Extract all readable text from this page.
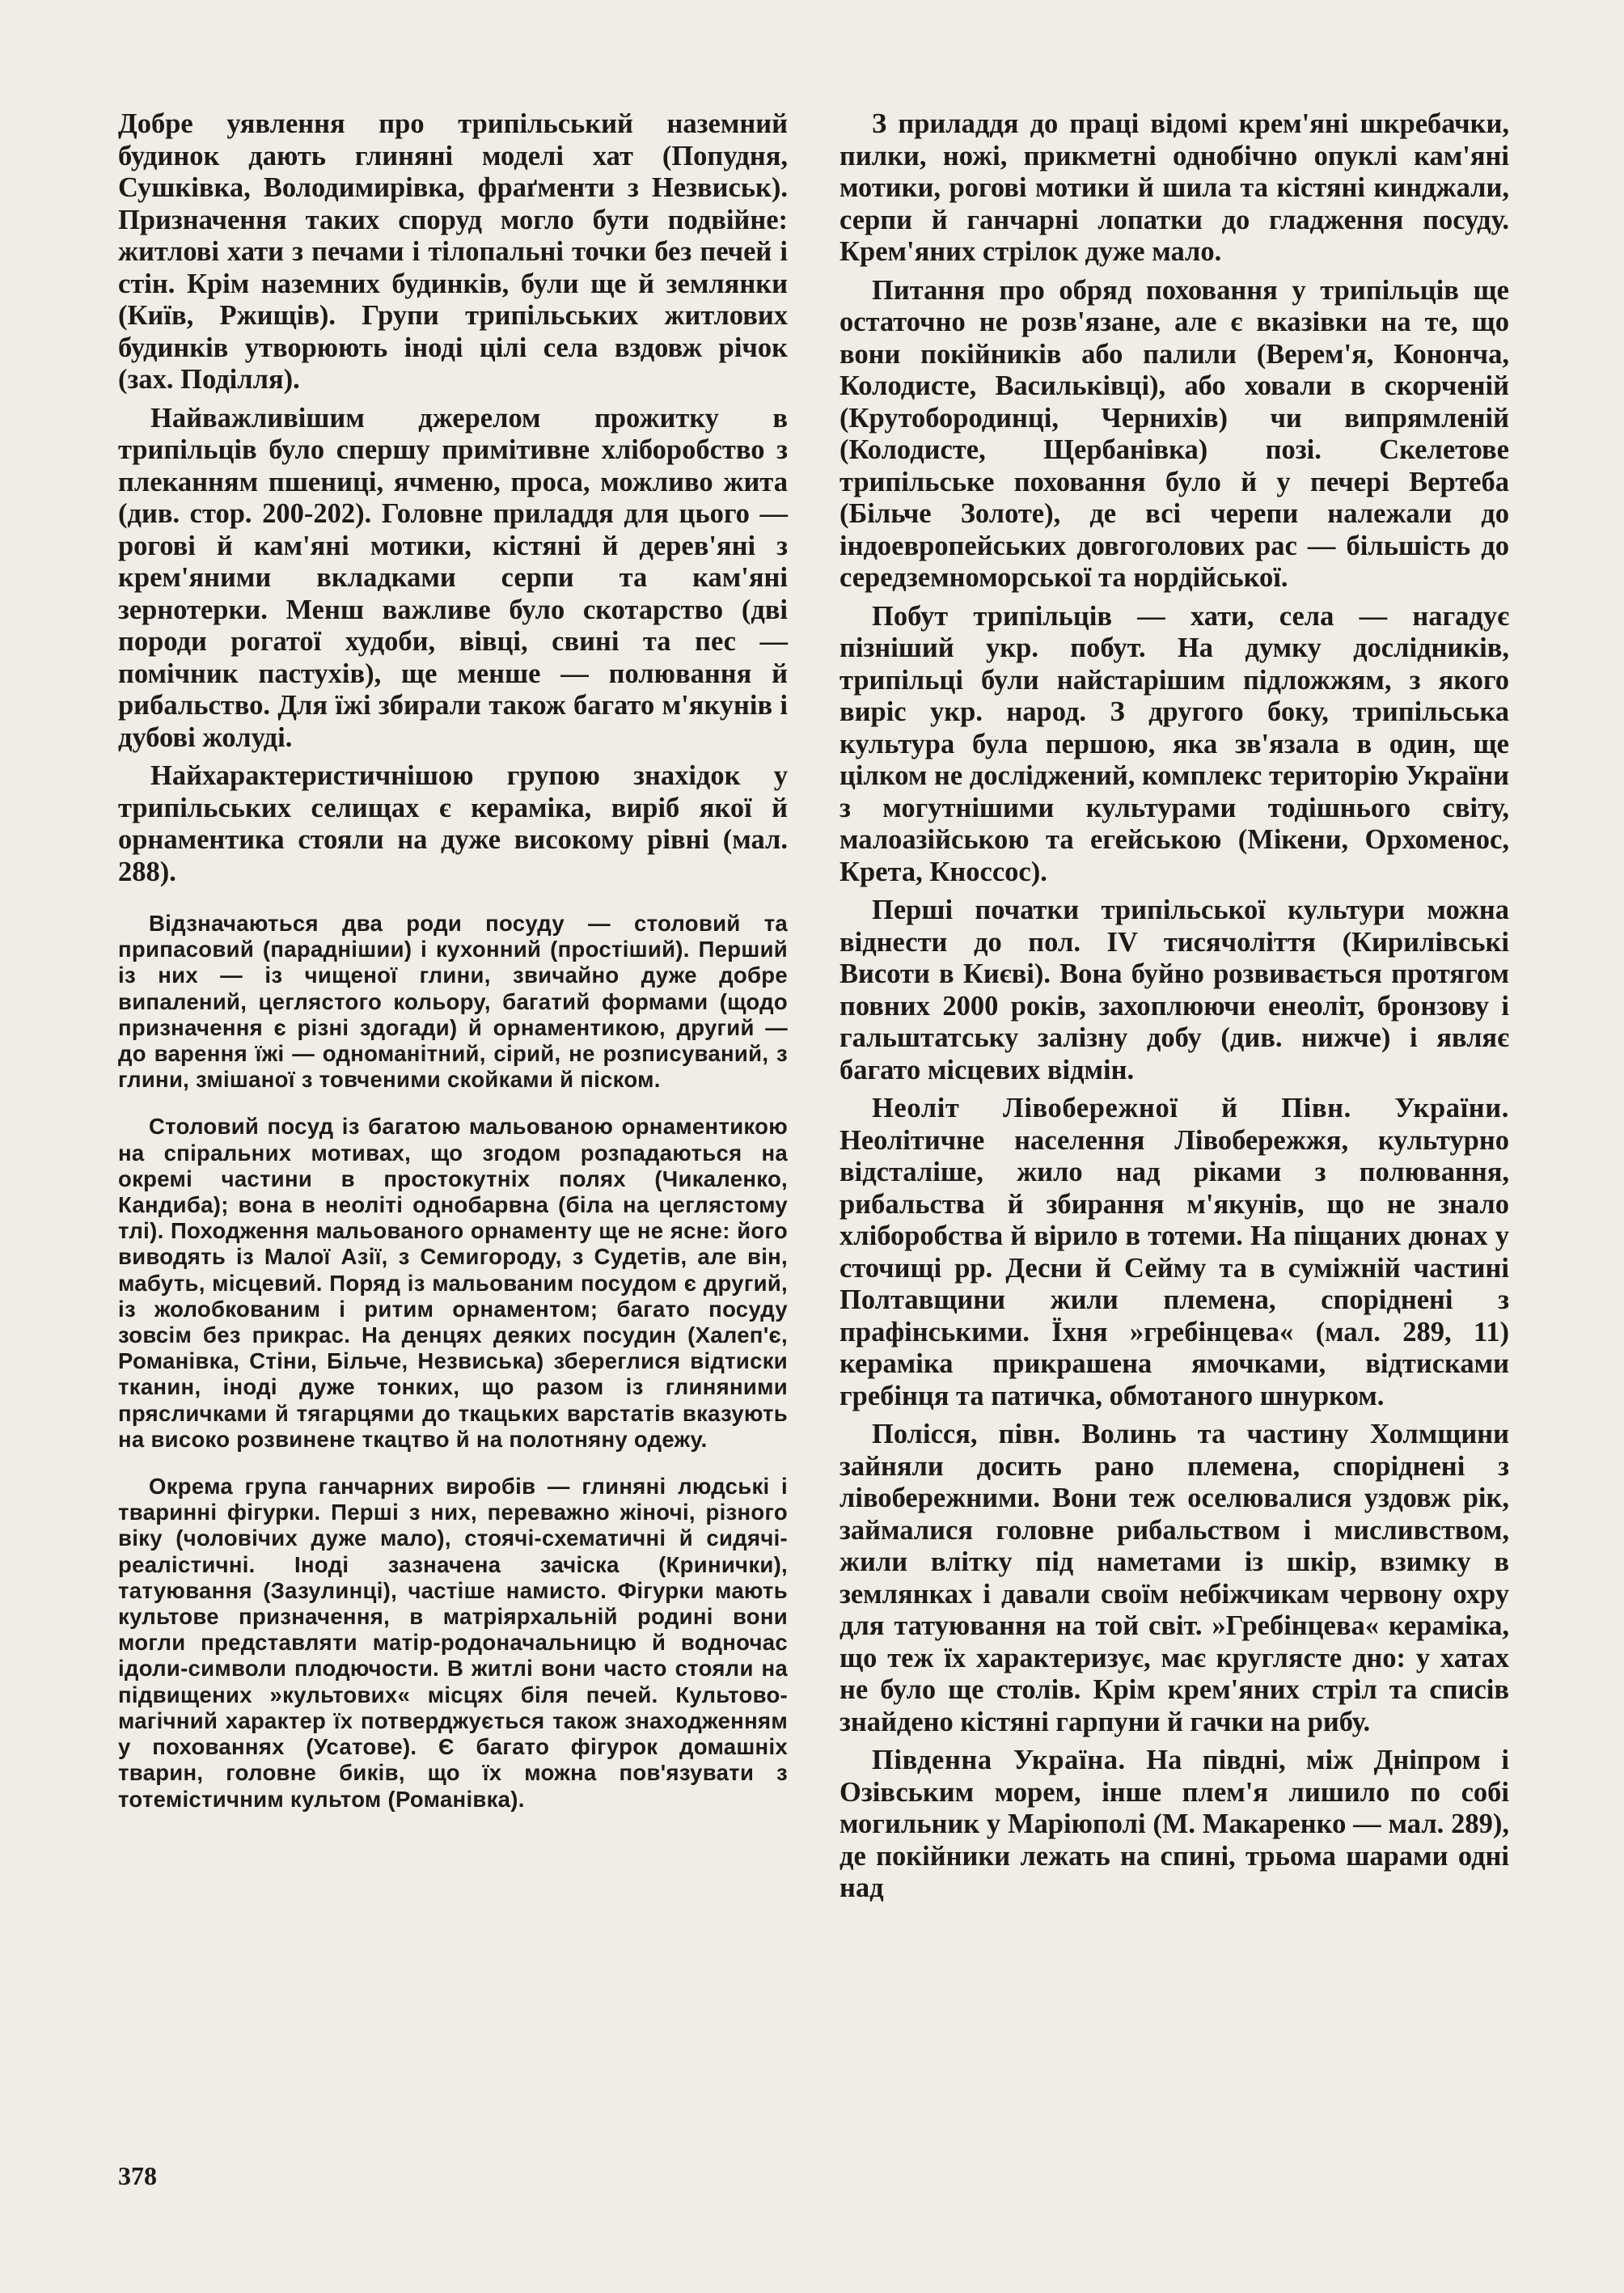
Добре уявлення про трипільський наземний будинок дають глиняні моделі хат (Попудня, Сушківка, Володимирівка, фраґменти з Незвиськ). Призначення таких споруд могло бути подвійне: житлові хати з печами і тілопальні точки без печей і стін. Крім наземних будинків, були ще й землянки (Київ, Ржищів). Групи трипільських житлових будинків утворюють іноді цілі села вздовж річок (зах. Поділля).

Найважливішим джерелом прожитку в трипільців було спершу примітивне хліборобство з плеканням пшениці, ячменю, проса, можливо жита (див. стор. 200-202). Головне приладдя для цього — рогові й кам'яні мотики, кістяні й дерев'яні з крем'яними вкладками серпи та кам'яні зернотерки. Менш важливе було скотарство (дві породи рогатої худоби, вівці, свині та пес — помічник пастухів), ще менше — полювання й рибальство. Для їжі збирали також багато м'якунів і дубові жолуді.

Найхарактеристичнішою групою знахідок у трипільських селищах є кераміка, виріб якої й орнаментика стояли на дуже високому рівні (мал. 288).

Відзначаються два роди посуду — столовий та припасовий (параднішии) і кухонний (простіший). Перший із них — із чищеної глини, звичайно дуже добре випалений, цеглястого кольору, багатий формами (щодо призначення є різні здогади) й орнаментикою, другий — до варення їжі — одноманітний, сірий, не розписуваний, з глини, змішаної з товченими скойками й піском.

Столовий посуд із багатою мальованою орнаментикою на спіральних мотивах, що згодом розпадаються на окремі частини в простокутніх полях (Чикаленко, Кандиба); вона в неоліті однобарвна (біла на цеглястому тлі). Походження мальованого орнаменту ще не ясне: його виводять із Малої Азії, з Семигороду, з Судетів, але він, мабуть, місцевий. Поряд із мальованим посудом є другий, із жолобкованим і ритим орнаментом; багато посуду зовсім без прикрас. На денцях деяких посудин (Халеп'є, Романівка, Стіни, Більче, Незвиська) збереглися відтиски тканин, іноді дуже тонких, що разом із глиняними прясличками й тягарцями до ткацьких варстатів вказують на високо розвинене ткацтво й на полотняну одежу.

Окрема група ганчарних виробів — глиняні людські і тваринні фігурки. Перші з них, переважно жіночі, різного віку (чоловічих дуже мало), стоячі-схематичні й сидячі-реалістичні. Іноді зазначена зачіска (Кринички), татуювання (Зазулинці), частіше намисто. Фігурки мають культове призначення, в матріярхальній родині вони могли представляти матір-родоначальницю й водночас ідоли-символи плодючости. В житлі вони часто стояли на підвищених »культових« місцях біля печей. Культово-магічний характер їх потверджується також знаходженням у похованнях (Усатове). Є багато фігурок домашніх тварин, головне биків, що їх можна пов'язувати з тотемістичним культом (Романівка).

З приладдя до праці відомі крем'яні шкребачки, пилки, ножі, прикметні однобічно опуклі кам'яні мотики, рогові мотики й шила та кістяні кинджали, серпи й ганчарні лопатки до гладження посуду. Крем'яних стрілок дуже мало.

Питання про обряд поховання у трипільців ще остаточно не розв'язане, але є вказівки на те, що вони покійників або палили (Верем'я, Конончa, Колодисте, Васильківці), або ховали в скорченій (Крутобородинці, Чернихів) чи випрямленій (Колодисте, Щербанівка) позі. Скелетове трипільське поховання було й у печері Вертеба (Більче Золоте), де всі черепи належали до індоевропейських довгоголових рас — більшість до середземноморської та нордійської.

Побут трипільців — хати, села — нагадує пізніший укр. побут. На думку дослідників, трипільці були найстарішим підложжям, з якого виріс укр. народ. З другого боку, трипільська культура була першою, яка зв'язала в один, ще цілком не досліджений, комплекс територію України з могутнішими культурами тодішнього світу, малоазійською та егейською (Мікени, Орхоменос, Крета, Кноссос).

Перші початки трипільської культури можна віднести до пол. IV тисячоліття (Кирилівські Висоти в Києві). Вона буйно розвивається протягом повних 2000 років, захоплюючи енеоліт, бронзову і гальштатську залізну добу (див. нижче) і являє багато місцевих відмін.

Неоліт Лівобережної й Півн. України. Неолітичне населення Лівобережжя, культурно відсталіше, жило над ріками з полювання, рибальства й збирання м'якунів, що не знало хліборобства й вірило в тотеми. На піщаних дюнах у сточищі рр. Десни й Сейму та в суміжній частині Полтавщини жили племена, споріднені з прафінськими. Їхня »гребінцева« (мал. 289, 11) кераміка прикрашена ямочками, відтисками гребінця та патичка, обмотаного шнурком.

Полісся, півн. Волинь та частину Холмщини зайняли досить рано племена, споріднені з лівобережними. Вони теж оселювалися уздовж рік, займалися головне рибальством і мисливством, жили влітку під наметами із шкір, взимку в землянках і давали своїм небіжчикам червону охру для татуювання на той світ. »Гребінцева« кераміка, що теж їх характеризує, має круглясте дно: у хатах не було ще столів. Крім крем'яних стріл та списів знайдено кістяні гарпуни й гачки на рибу.

Південна Україна. На півдні, між Дніпром і Озівським морем, інше плем'я лишило по собі могильник у Маріюполі (М. Макаренко — мал. 289), де покійники лежать на спині, трьома шарами одні над

378
